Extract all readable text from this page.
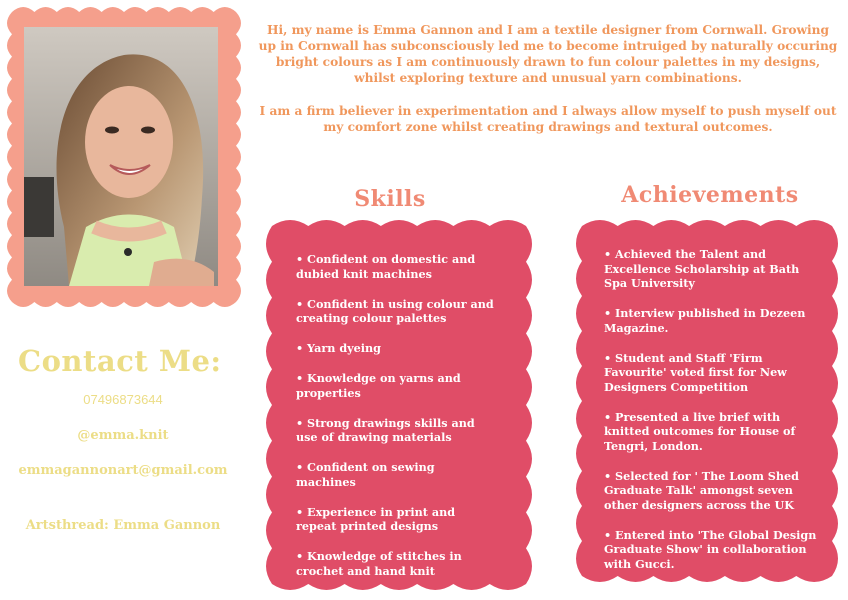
Hi, my name is Emma Gannon and I am a textile designer from Cornwall. Growing up in Cornwall has subconsciously led me to become intruiged by naturally occuring bright colours as I am continuously drawn to fun colour palettes in my designs, whilst exploring texture and unusual yarn combinations.

I am a firm believer in experimentation and I always allow myself to push myself out my comfort zone whilst creating drawings and textural outcomes.

Skills	Achievements
• Confident on domestic and dubied knit machines
• Confident in using colour and creating colour palettes
• Yarn dyeing
• Knowledge on yarns and properties
• Strong drawings skills and use of drawing materials
• Confident on sewing machines
• Experience in print and repeat printed designs
• Knowledge of stitches in crochet and hand knit
• Achieved the Talent and Excellence Scholarship at Bath Spa University
• Interview published in Dezeen Magazine.
• Student and Staff 'Firm Favourite' voted first for New Designers Competition
• Presented a live brief with knitted outcomes for House of Tengri, London.
• Selected for ' The Loom Shed Graduate Talk' amongst seven other designers across the UK
• Entered into 'The Global Design Graduate Show' in collaboration with Gucci.
Contact Me:
07496873644
@emma.knit
emmagannonart@gmail.com
Artsthread: Emma Gannon
